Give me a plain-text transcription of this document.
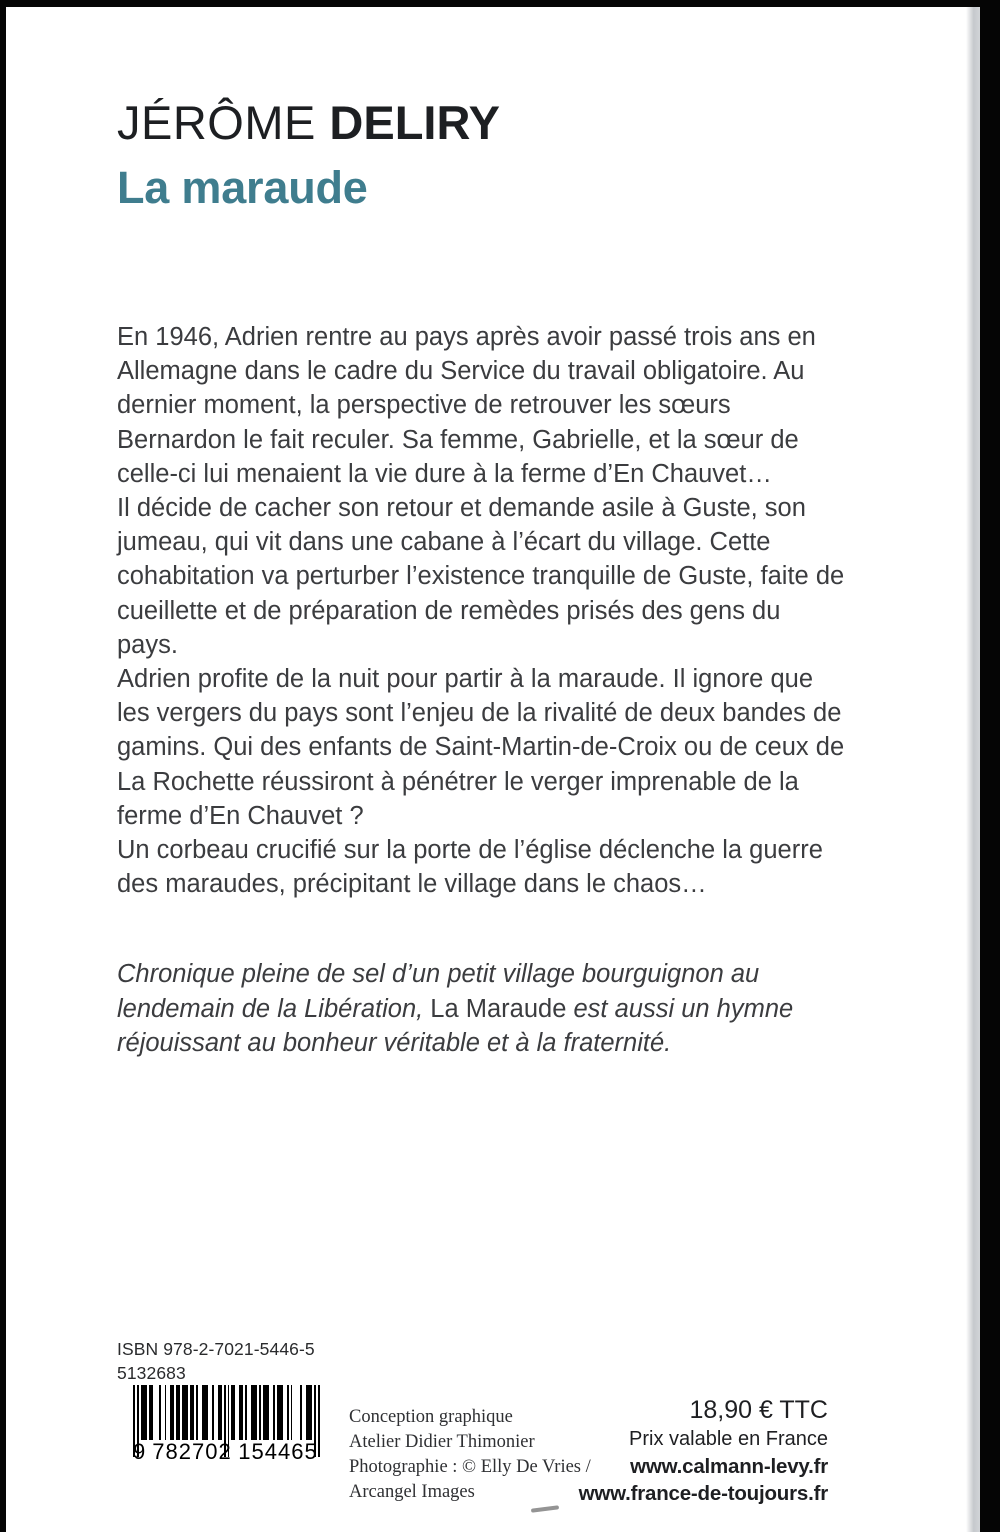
JÉRÔME DELIRY
La maraude

En 1946, Adrien rentre au pays après avoir passé trois ans en Allemagne dans le cadre du Service du travail obligatoire. Au dernier moment, la perspective de retrouver les sœurs Bernardon le fait reculer. Sa femme, Gabrielle, et la sœur de celle-ci lui menaient la vie dure à la ferme d’En Chauvet…

Il décide de cacher son retour et demande asile à Guste, son jumeau, qui vit dans une cabane à l’écart du village. Cette cohabitation va perturber l’existence tranquille de Guste, faite de cueillette et de préparation de remèdes prisés des gens du pays.

Adrien profite de la nuit pour partir à la maraude. Il ignore que les vergers du pays sont l’enjeu de la rivalité de deux bandes de gamins. Qui des enfants de Saint-Martin-de-Croix ou de ceux de La Rochette réussiront à pénétrer le verger imprenable de la ferme d’En Chauvet ?

Un corbeau crucifié sur la porte de l’église déclenche la guerre des maraudes, précipitant le village dans le chaos…

Chronique pleine de sel d’un petit village bourguignon au lendemain de la Libération, La Maraude est aussi un hymne réjouissant au bonheur véritable et à la fraternité.
ISBN 978-2-7021-5446-5
5132683
9 782702 154465
Conception graphique
Atelier Didier Thimonier
Photographie : © Elly De Vries /
Arcangel Images
18,90 € TTC
Prix valable en France
www.calmann-levy.fr
www.france-de-toujours.fr
